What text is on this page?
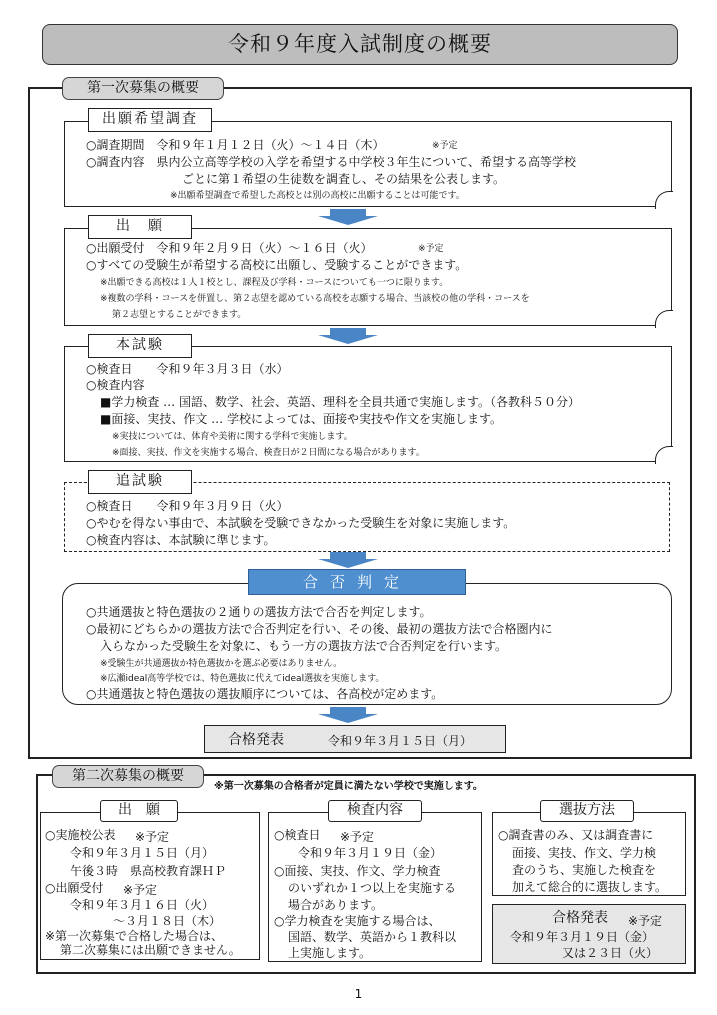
令和９年度入試制度の概要
第一次募集の概要
出願希望調査
○調査期間　令和９年１月１２日（火）～１４日（木）	※予定
○調査内容　県内公立高等学校の入学を希望する中学校３年生について、希望する高等学校
ごとに第１希望の生徒数を調査し、その結果を公表します。
※出願希望調査で希望した高校とは別の高校に出願することは可能です。
出　願
○出願受付　令和９年２月９日（火）～１６日（火）	※予定
○すべての受験生が希望する高校に出願し、受験することができます。
※出願できる高校は１人１校とし、課程及び学科・コースについても一つに限ります。
※複数の学科・コースを併置し、第２志望を認めている高校を志願する場合、当該校の他の学科・コースを
第２志望とすることができます。
本試験
○検査日　　令和９年３月３日（水）
○検査内容
■学力検査 … 国語、数学、社会、英語、理科を全員共通で実施します。（各教科５０分）
■面接、実技、作文 … 学校によっては、面接や実技や作文を実施します。
※実技については、体育や美術に関する学科で実施します。
※面接、実技、作文を実施する場合、検査日が２日間になる場合があります。
追試験
○検査日　　令和９年３月９日（火）
○やむを得ない事由で、本試験を受験できなかった受験生を対象に実施します。
○検査内容は、本試験に準じます。
合否判定
○共通選抜と特色選抜の２通りの選抜方法で合否を判定します。
○最初にどちらかの選抜方法で合否判定を行い、その後、最初の選抜方法で合格圏内に
入らなかった受験生を対象に、もう一方の選抜方法で合否判定を行います。
※受験生が共通選抜か特色選抜かを選ぶ必要はありません。
※広瀬ideal高等学校では、特色選抜に代えてideal選抜を実施します。
○共通選抜と特色選抜の選抜順序については、各高校が定めます。
合格発表	令和９年３月１５日（月）
第二次募集の概要
※第一次募集の合格者が定員に満たない学校で実施します。
出　願
○実施校公表 ※予定
令和９年３月１５日（月）
午後３時　県高校教育課ＨＰ
○出願受付 ※予定
令和９年３月１６日（火）
～３月１８日（木）
※第一次募集で合格した場合は、
第二次募集には出願できません。
検査内容
○検査日 ※予定
令和９年３月１９日（金）
○面接、実技、作文、学力検査
のいずれか１つ以上を実施する
場合があります。
○学力検査を実施する場合は、
国語、数学、英語から１教科以
上実施します。
選抜方法
○調査書のみ、又は調査書に
面接、実技、作文、学力検
査のうち、実施した検査を
加えて総合的に選抜します。
合格発表 ※予定
令和９年３月１９日（金）
又は２３日（火）
1
